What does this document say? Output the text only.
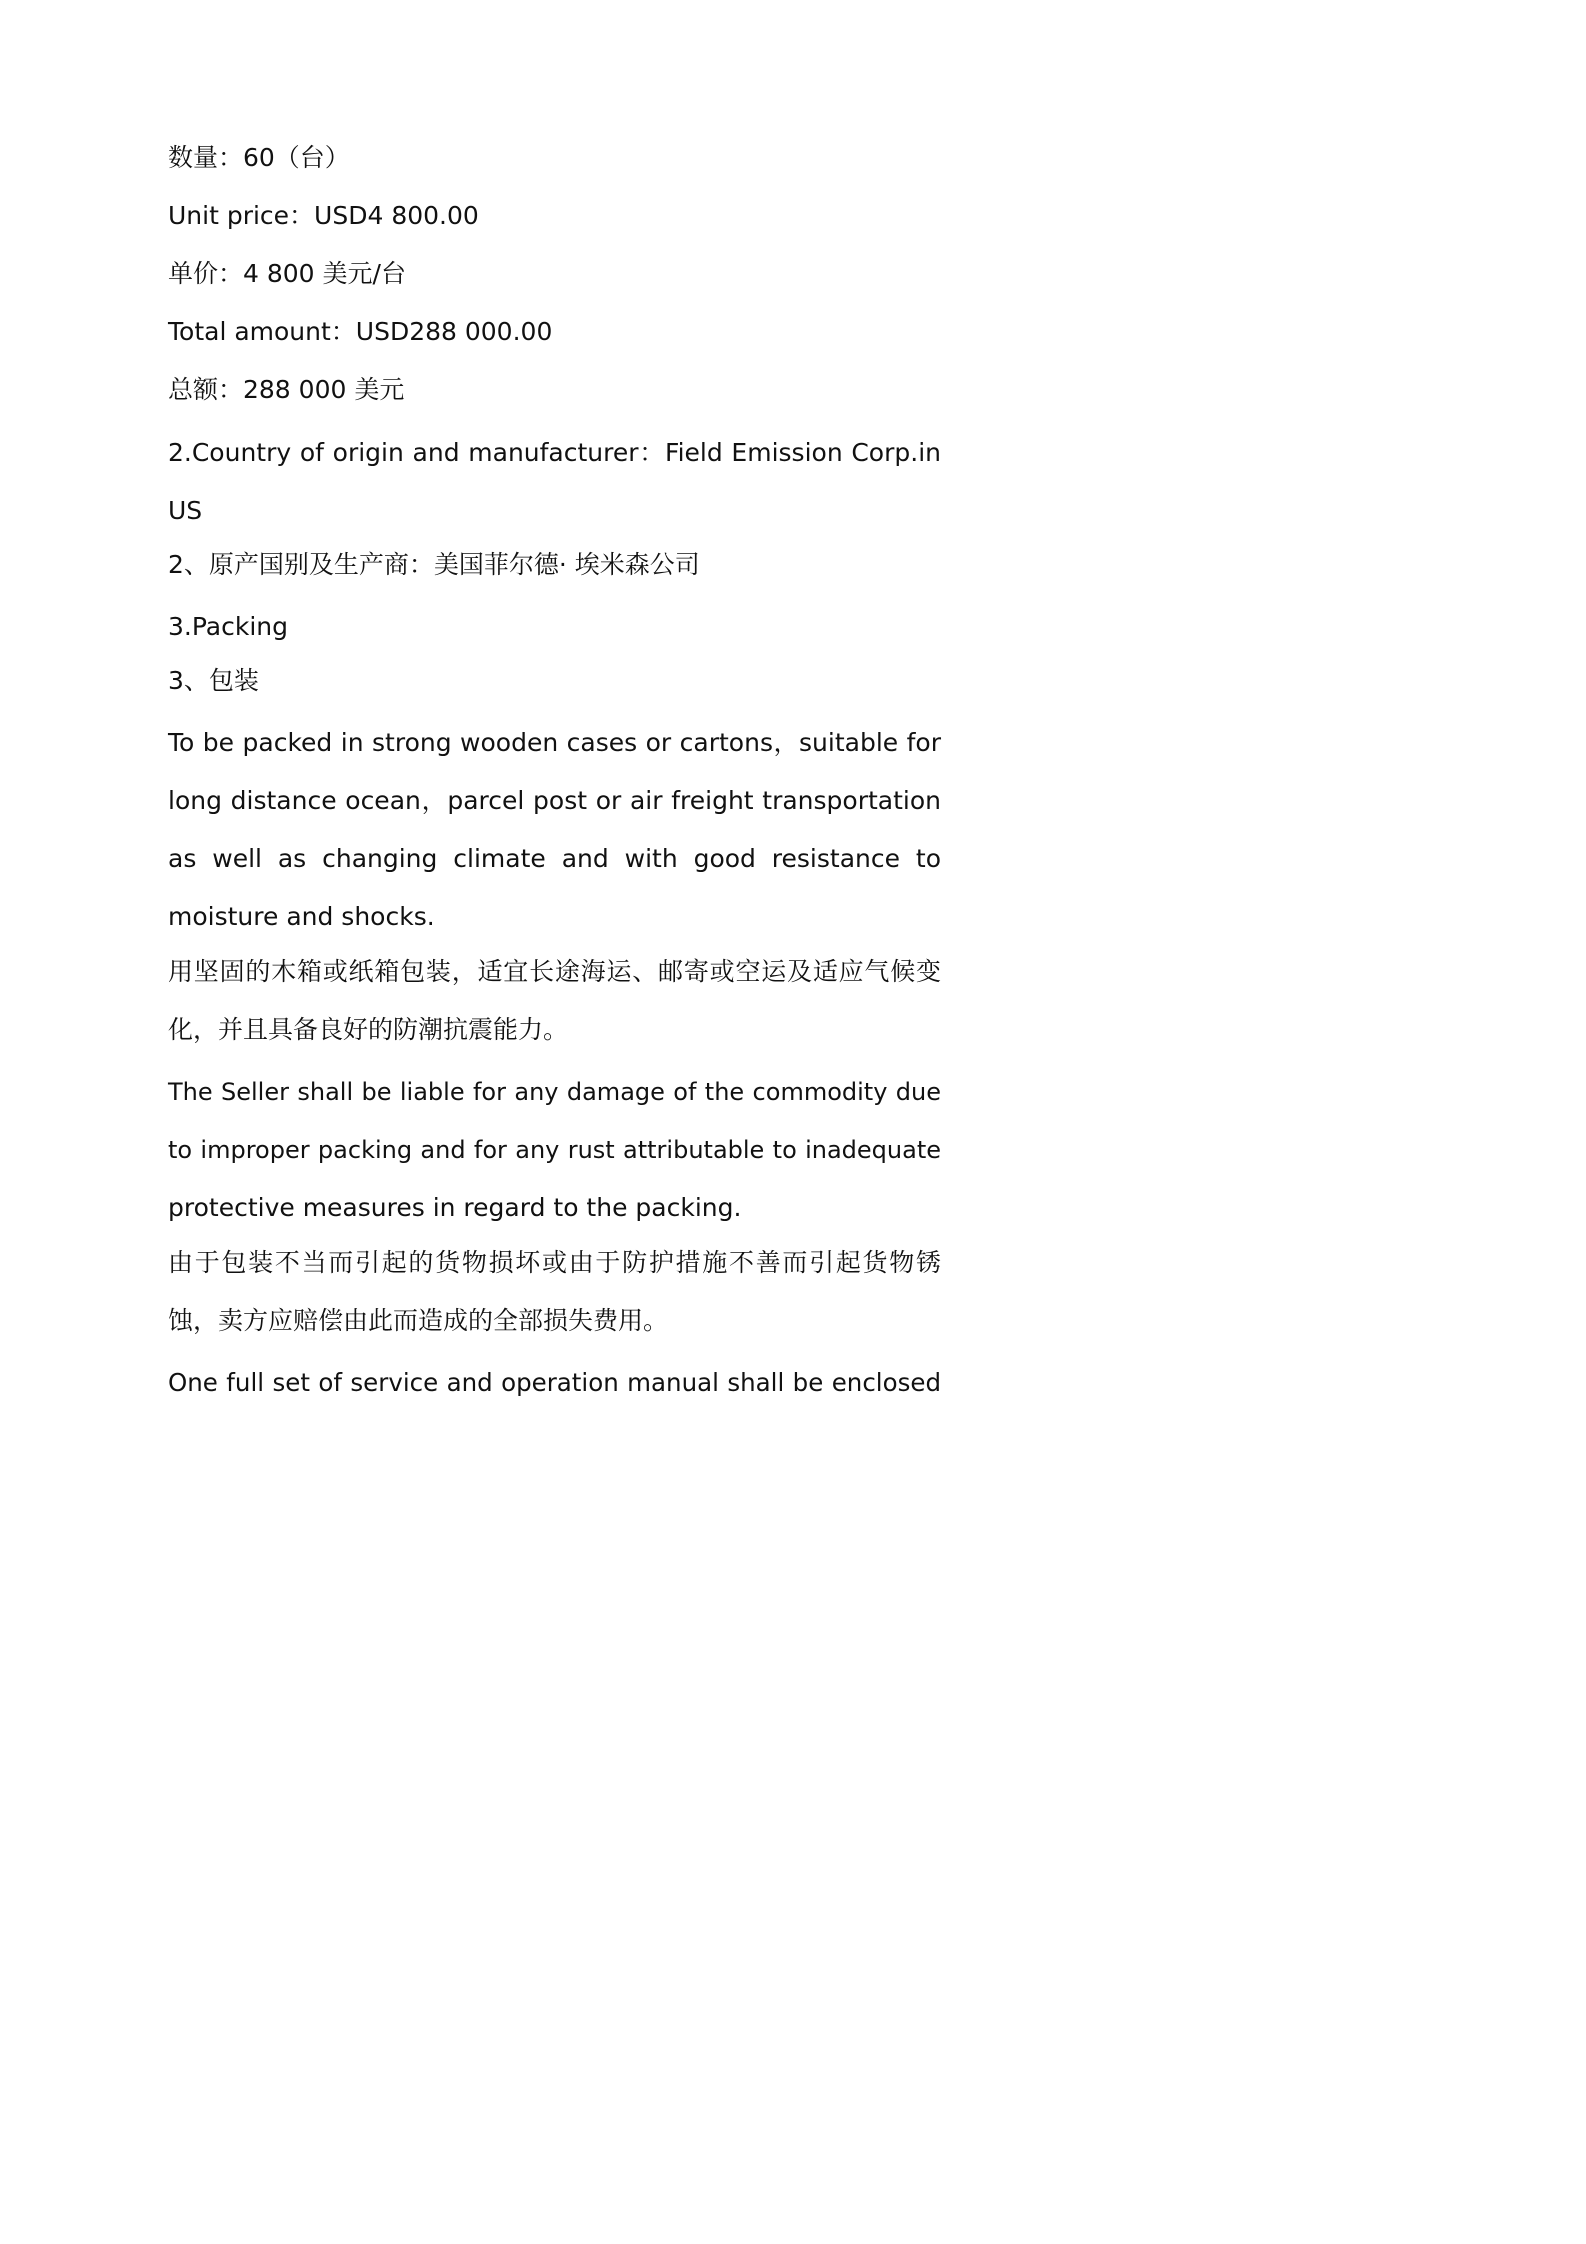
数量：60（台）

Unit price：USD4 800.00

单价：4 800 美元/台

Total amount：USD288 000.00

总额：288 000 美元

2.Country of origin and manufacturer：Field Emission Corp.in

US

2、原产国别及生产商：美国菲尔德· 埃米森公司

3.Packing

3、包装

To be packed in strong wooden cases or cartons，suitable for

long distance ocean，parcel post or air freight transportation

as well as changing climate and with good resistance to

moisture and shocks.

用坚固的木箱或纸箱包装，适宜长途海运、邮寄或空运及适应气候变

化，并且具备良好的防潮抗震能力。

The Seller shall be liable for any damage of the commodity due

to improper packing and for any rust attributable to inadequate

protective measures in regard to the packing.

由于包装不当而引起的货物损坏或由于防护措施不善而引起货物锈

蚀，卖方应赔偿由此而造成的全部损失费用。

One full set of service and operation manual shall be enclosed
